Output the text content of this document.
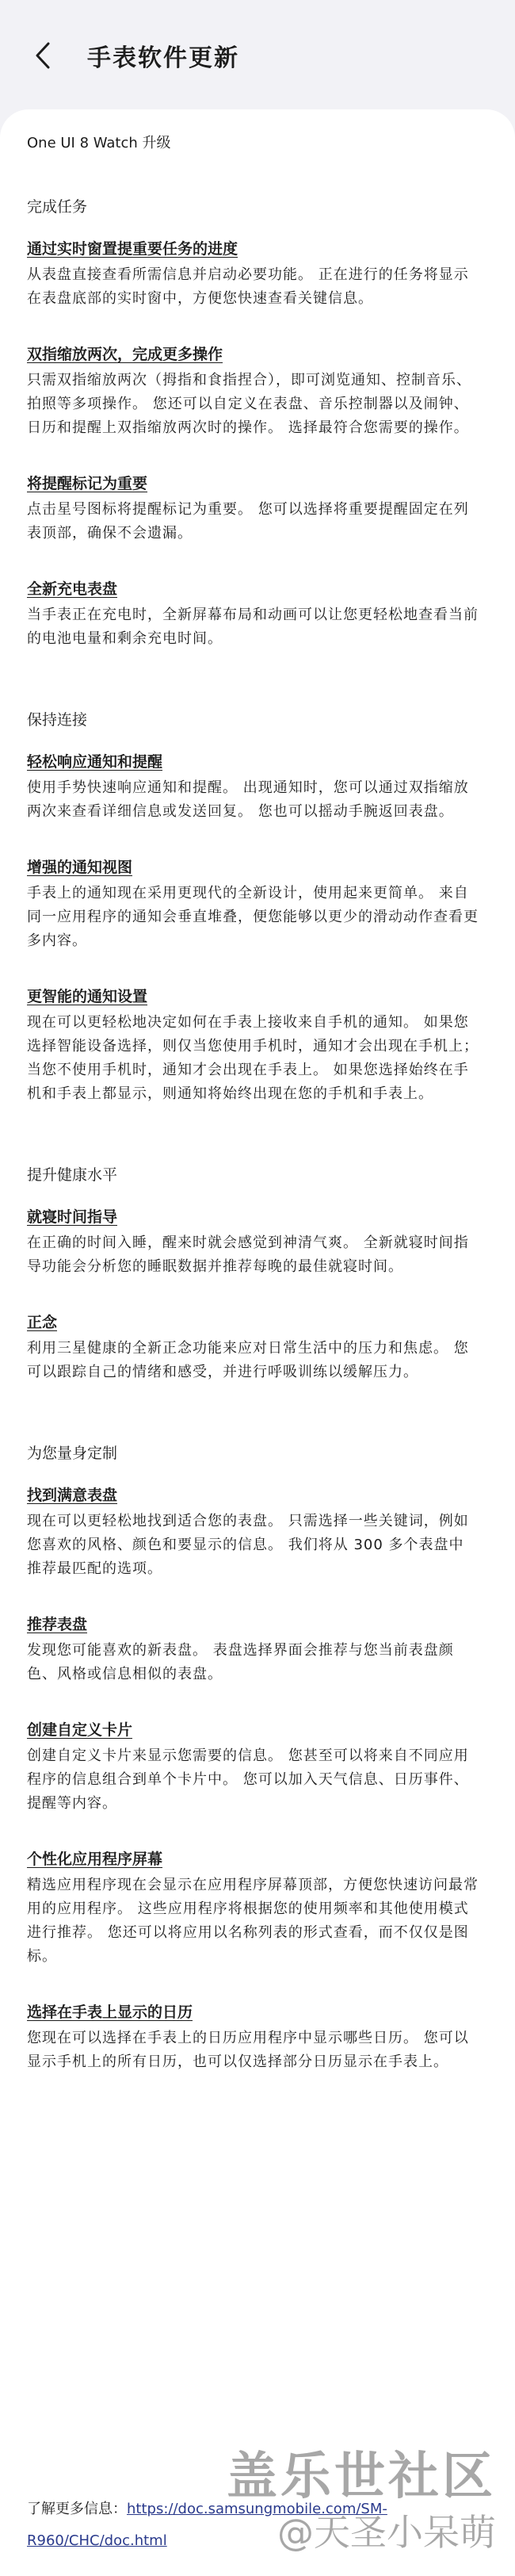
手表软件更新
One UI 8 Watch 升级
完成任务
通过实时窗置提重要任务的进度
从表盘直接查看所需信息并启动必要功能。 正在进行的任务将显示在表盘底部的实时窗中，方便您快速查看关键信息。
双指缩放两次，完成更多操作
只需双指缩放两次（拇指和食指捏合），即可浏览通知、控制音乐、拍照等多项操作。 您还可以自定义在表盘、音乐控制器以及闹钟、日历和提醒上双指缩放两次时的操作。 选择最符合您需要的操作。
将提醒标记为重要
点击星号图标将提醒标记为重要。 您可以选择将重要提醒固定在列表顶部，确保不会遗漏。
全新充电表盘
当手表正在充电时，全新屏幕布局和动画可以让您更轻松地查看当前的电池电量和剩余充电时间。
保持连接
轻松响应通知和提醒
使用手势快速响应通知和提醒。 出现通知时，您可以通过双指缩放两次来查看详细信息或发送回复。 您也可以摇动手腕返回表盘。
增强的通知视图
手表上的通知现在采用更现代的全新设计，使用起来更简单。 来自同一应用程序的通知会垂直堆叠，便您能够以更少的滑动动作查看更多内容。
更智能的通知设置
现在可以更轻松地决定如何在手表上接收来自手机的通知。 如果您选择智能设备选择，则仅当您使用手机时，通知才会出现在手机上；当您不使用手机时，通知才会出现在手表上。 如果您选择始终在手机和手表上都显示，则通知将始终出现在您的手机和手表上。
提升健康水平
就寝时间指导
在正确的时间入睡，醒来时就会感觉到神清气爽。 全新就寝时间指导功能会分析您的睡眠数据并推荐每晚的最佳就寝时间。
正念
利用三星健康的全新正念功能来应对日常生活中的压力和焦虑。 您可以跟踪自己的情绪和感受，并进行呼吸训练以缓解压力。
为您量身定制
找到满意表盘
现在可以更轻松地找到适合您的表盘。 只需选择一些关键词，例如您喜欢的风格、颜色和要显示的信息。 我们将从 300 多个表盘中推荐最匹配的选项。
推荐表盘
发现您可能喜欢的新表盘。 表盘选择界面会推荐与您当前表盘颜色、风格或信息相似的表盘。
创建自定义卡片
创建自定义卡片来显示您需要的信息。 您甚至可以将来自不同应用程序的信息组合到单个卡片中。 您可以加入天气信息、日历事件、提醒等内容。
个性化应用程序屏幕
精选应用程序现在会显示在应用程序屏幕顶部，方便您快速访问最常用的应用程序。 这些应用程序将根据您的使用频率和其他使用模式进行推荐。 您还可以将应用以名称列表的形式查看，而不仅仅是图标。
选择在手表上显示的日历
您现在可以选择在手表上的日历应用程序中显示哪些日历。 您可以显示手机上的所有日历，也可以仅选择部分日历显示在手表上。
了解更多信息：https://doc.samsungmobile.com/SM-R960/CHC/doc.html
盖乐世社区
@天圣小呆萌
